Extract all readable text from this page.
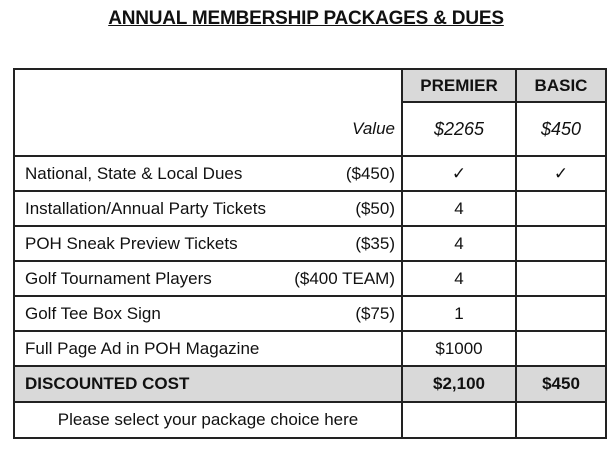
ANNUAL MEMBERSHIP PACKAGES & DUES
	PREMIER	BASIC
Value	$2265	$450

National, State & Local Dues ($450)	✓	✓

Installation/Annual Party Tickets ($50)	4	

POH Sneak Preview Tickets ($35)	4	

Golf Tournament Players ($400 TEAM)	4	

Golf Tee Box Sign ($75)	1	

Full Page Ad in POH Magazine	$1000	
DISCOUNTED COST	$2,100	$450
Please select your package choice here		
